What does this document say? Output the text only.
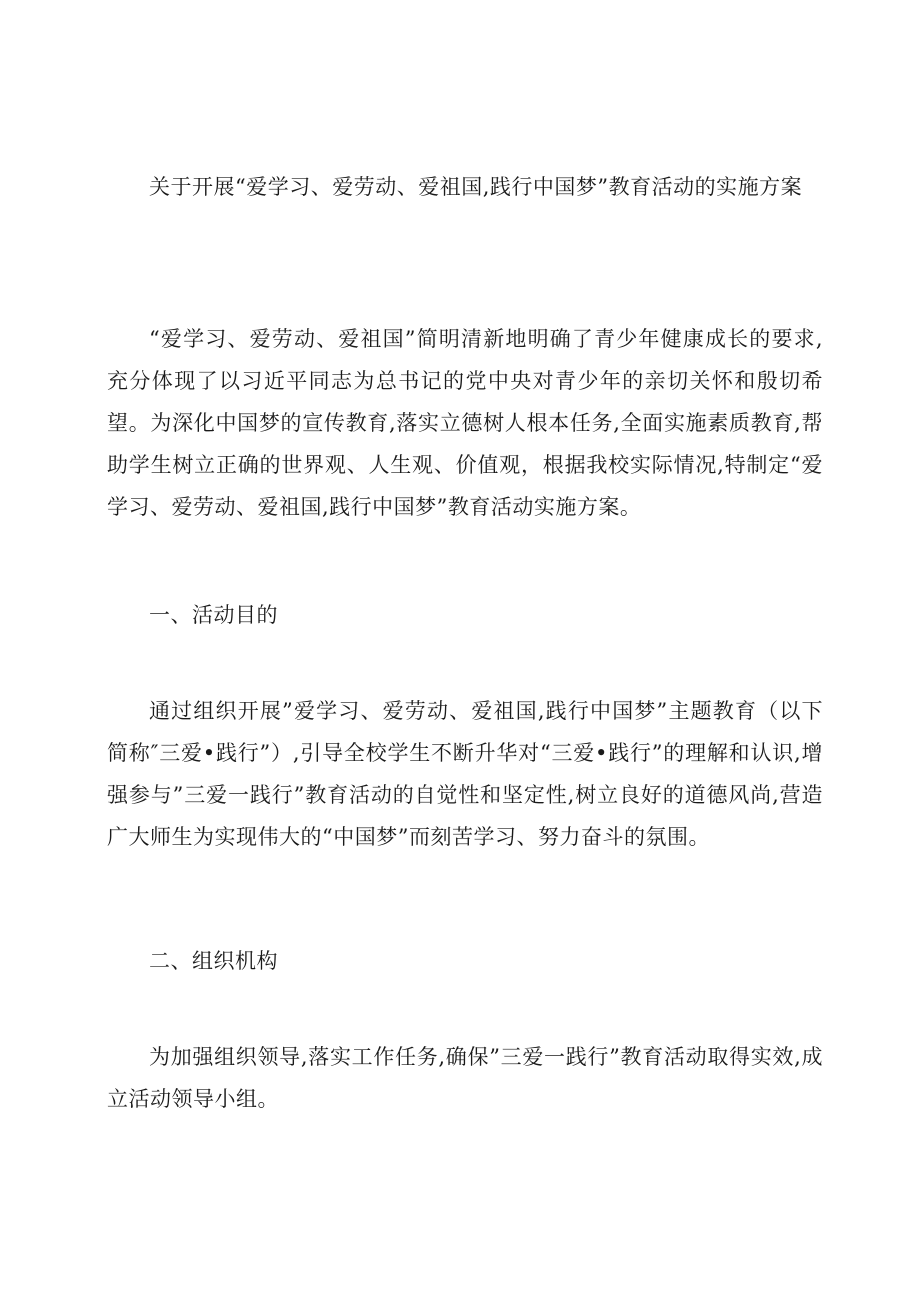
关于开展“爱学习、爱劳动、爱祖国,践行中国梦”教育活动的实施方案

“爱学习、爱劳动、爱祖国”简明清新地明确了青少年健康成长的要求,充分体现了以习近平同志为总书记的党中央对青少年的亲切关怀和殷切希望。为深化中国梦的宣传教育,落实立德树人根本任务,全面实施素质教育,帮助学生树立正确的世界观、人生观、价值观，根据我校实际情况,特制定“爱学习、爱劳动、爱祖国,践行中国梦”教育活动实施方案。

一、活动目的

通过组织开展”爱学习、爱劳动、爱祖国,践行中国梦”主题教育（以下简称″三爱•践行”）,引导全校学生不断升华对“三爱•践行”的理解和认识,增强参与”三爱一践行”教育活动的自觉性和坚定性,树立良好的道德风尚,营造广大师生为实现伟大的“中国梦”而刻苦学习、努力奋斗的氛围。

二、组织机构

为加强组织领导,落实工作任务,确保”三爱一践行”教育活动取得实效,成立活动领导小组。
